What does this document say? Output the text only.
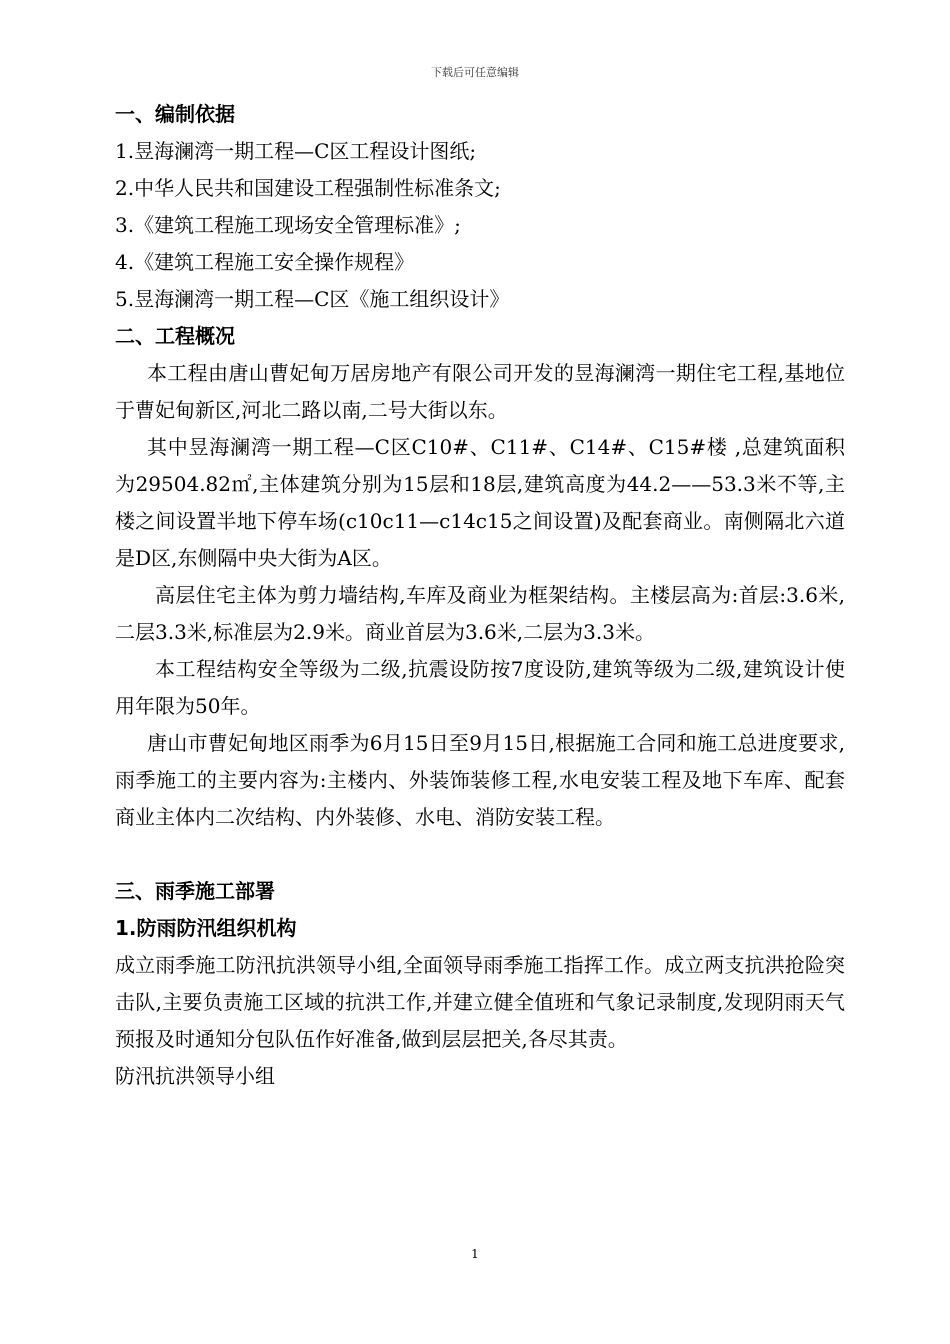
下载后可任意编辑
一、编制依据
1.昱海澜湾一期工程—C区工程设计图纸;
2.中华人民共和国建设工程强制性标准条文;
3.《建筑工程施工现场安全管理标准》;
4.《建筑工程施工安全操作规程》
5.昱海澜湾一期工程—C区《施工组织设计》
二、工程概况
本工程由唐山曹妃甸万居房地产有限公司开发的昱海澜湾一期住宅工程,基地位于曹妃甸新区,河北二路以南,二号大街以东。
其中昱海澜湾一期工程—C区C10#、C11#、C14#、C15#楼 ,总建筑面积为29504.82㎡,主体建筑分别为15层和18层,建筑高度为44.2——53.3米不等,主楼之间设置半地下停车场(c10c11—c14c15之间设置)及配套商业。南侧隔北六道是D区,东侧隔中央大街为A区。
高层住宅主体为剪力墙结构,车库及商业为框架结构。主楼层高为:首层:3.6米,二层3.3米,标准层为2.9米。商业首层为3.6米,二层为3.3米。
本工程结构安全等级为二级,抗震设防按7度设防,建筑等级为二级,建筑设计使用年限为50年。
唐山市曹妃甸地区雨季为6月15日至9月15日,根据施工合同和施工总进度要求,雨季施工的主要内容为:主楼内、外装饰装修工程,水电安装工程及地下车库、配套商业主体内二次结构、内外装修、水电、消防安装工程。
三、雨季施工部署
1.防雨防汛组织机构
成立雨季施工防汛抗洪领导小组,全面领导雨季施工指挥工作。成立两支抗洪抢险突击队,主要负责施工区域的抗洪工作,并建立健全值班和气象记录制度,发现阴雨天气预报及时通知分包队伍作好准备,做到层层把关,各尽其责。
防汛抗洪领导小组
1
